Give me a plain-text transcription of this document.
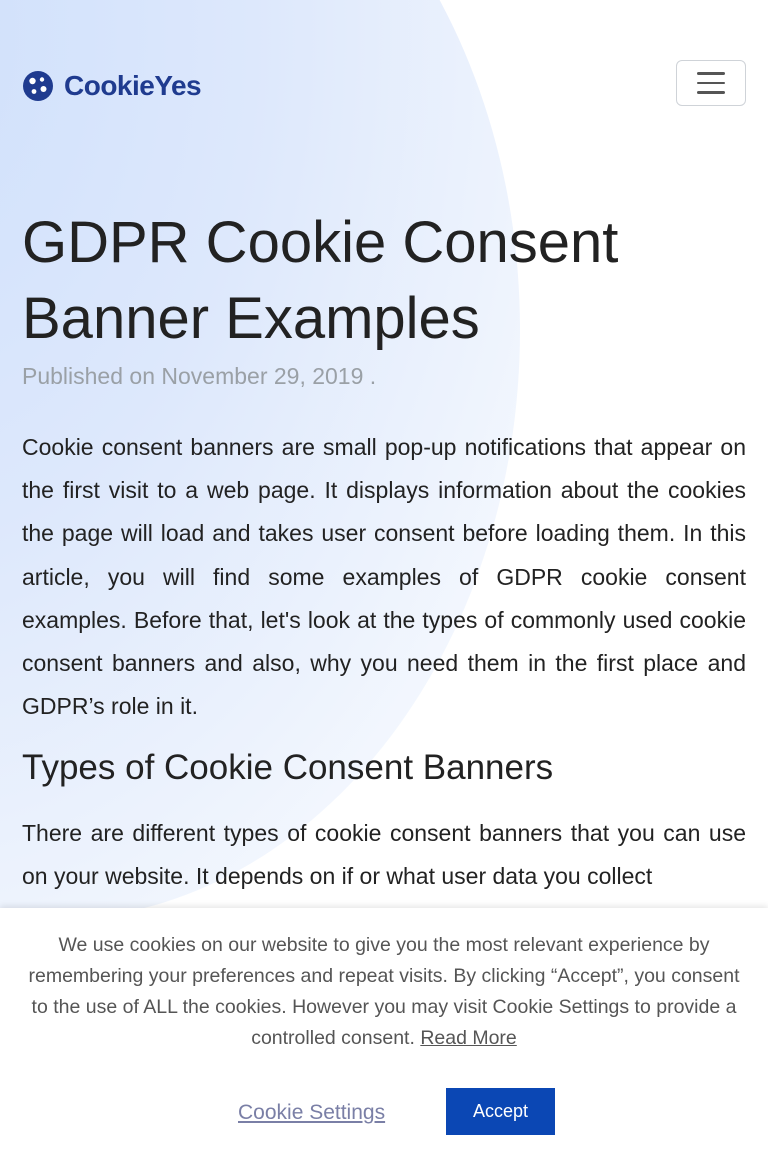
CookieYes
GDPR Cookie Consent Banner Examples
Published on November 29, 2019 .

Cookie consent banners are small pop-up notifications that appear on the first visit to a web page. It displays information about the cookies the page will load and takes user consent before loading them. In this article, you will find some examples of GDPR cookie consent examples. Before that, let's look at the types of commonly used cookie consent banners and also, why you need them in the first place and GDPR’s role in it.

Types of Cookie Consent Banners

There are different types of cookie consent banners that you can use on your website. It depends on if or what user data you collect

We use cookies on our website to give you the most relevant experience by remembering your preferences and repeat visits. By clicking “Accept”, you consent to the use of ALL the cookies. However you may visit Cookie Settings to provide a controlled consent. Read More
Cookie Settings	Accept
